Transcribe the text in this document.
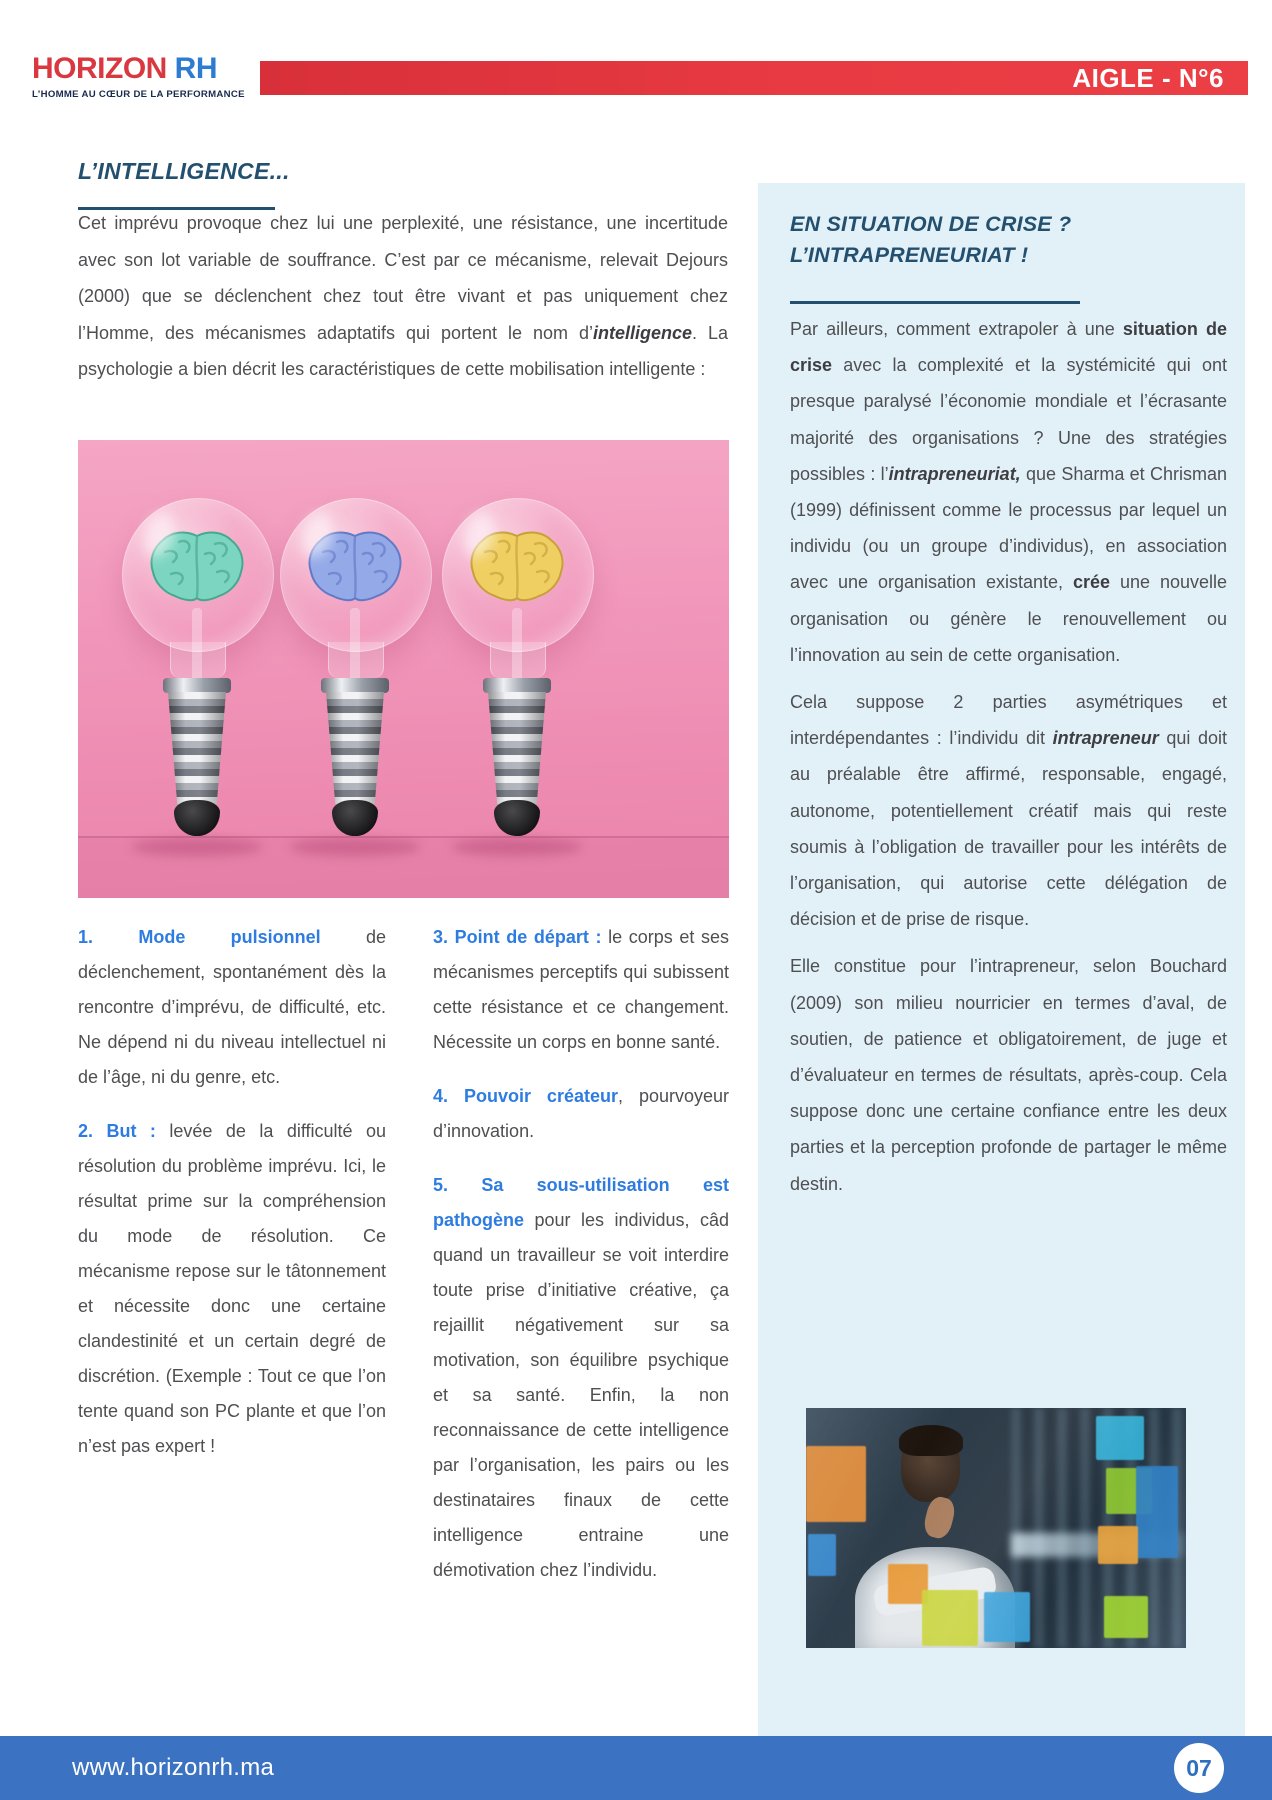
HORIZON RH
L’HOMME AU CŒUR DE LA PERFORMANCE
AIGLE - N°6
L’INTELLIGENCE...

Cet imprévu provoque chez lui une perplexité, une résistance, une incertitude avec son lot variable de souffrance. C’est par ce mécanisme, relevait Dejours (2000) que se déclenchent chez tout être vivant et pas uniquement chez l’Homme, des mécanismes adaptatifs qui portent le nom d’intelligence. La psychologie a bien décrit les caractéristiques de cette mobilisation intelligente :

1. Mode pulsionnel de déclenchement, spontanément dès la rencontre d’imprévu, de difficulté, etc. Ne dépend ni du niveau intellectuel ni de l’âge, ni du genre, etc.

2. But : levée de la difficulté ou résolution du problème imprévu. Ici, le résultat prime sur la compréhension du mode de résolution. Ce mécanisme repose sur le tâtonnement et nécessite donc une certaine clandestinité et un certain degré de discrétion. (Exemple : Tout ce que l’on tente quand son PC plante et que l’on n’est pas expert !

3. Point de départ : le corps et ses mécanismes perceptifs qui subissent cette résistance et ce changement. Nécessite un corps en bonne santé.

4. Pouvoir créateur, pourvoyeur d’innovation.

5. Sa sous-utilisation est pathogène pour les individus, câd quand un travailleur se voit interdire toute prise d’initiative créative, ça rejaillit négativement sur sa motivation, son équilibre psychique et sa santé. Enfin, la non reconnaissance de cette intelligence par l’organisation, les pairs ou les destinataires finaux de cette intelligence entraine une démotivation chez l’individu.

EN SITUATION DE CRISE ?
L’INTRAPRENEURIAT !

Par ailleurs, comment extrapoler à une situation de crise avec la complexité et la systémicité qui ont presque paralysé l’économie mondiale et l’écrasante majorité des organisations ? Une des stratégies possibles : l’intrapreneuriat, que Sharma et Chrisman (1999) définissent comme le processus par lequel un individu (ou un groupe d’individus), en association avec une organisation existante, crée une nouvelle organisation ou génère le renouvellement ou l’innovation au sein de cette organisation.

Cela suppose 2 parties asymétriques et interdépendantes : l’individu dit intrapreneur qui doit au préalable être affirmé, responsable, engagé, autonome, potentiellement créatif mais qui reste soumis à l’obligation de travailler pour les intérêts de l’organisation, qui autorise cette délégation de décision et de prise de risque.

Elle constitue pour l’intrapreneur, selon Bouchard (2009) son milieu nourricier en termes d’aval, de soutien, de patience et obligatoirement, de juge et d’évaluateur en termes de résultats, après-coup. Cela suppose donc une certaine confiance entre les deux parties et la perception profonde de partager le même destin.

www.horizonrh.ma	07
